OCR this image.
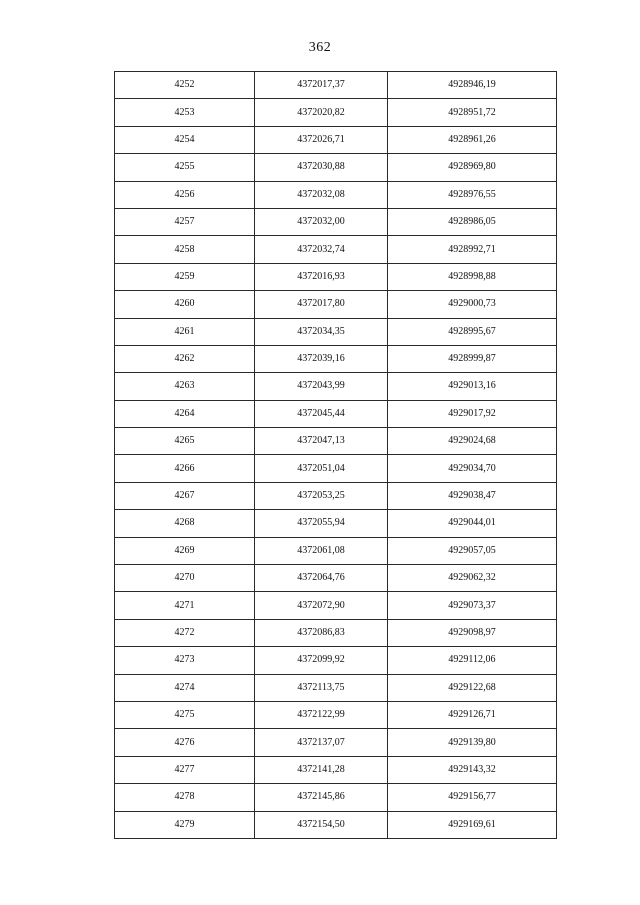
362
4252	4372017,37	4928946,19
4253	4372020,82	4928951,72
4254	4372026,71	4928961,26
4255	4372030,88	4928969,80
4256	4372032,08	4928976,55
4257	4372032,00	4928986,05
4258	4372032,74	4928992,71
4259	4372016,93	4928998,88
4260	4372017,80	4929000,73
4261	4372034,35	4928995,67
4262	4372039,16	4928999,87
4263	4372043,99	4929013,16
4264	4372045,44	4929017,92
4265	4372047,13	4929024,68
4266	4372051,04	4929034,70
4267	4372053,25	4929038,47
4268	4372055,94	4929044,01
4269	4372061,08	4929057,05
4270	4372064,76	4929062,32
4271	4372072,90	4929073,37
4272	4372086,83	4929098,97
4273	4372099,92	4929112,06
4274	4372113,75	4929122,68
4275	4372122,99	4929126,71
4276	4372137,07	4929139,80
4277	4372141,28	4929143,32
4278	4372145,86	4929156,77
4279	4372154,50	4929169,61
